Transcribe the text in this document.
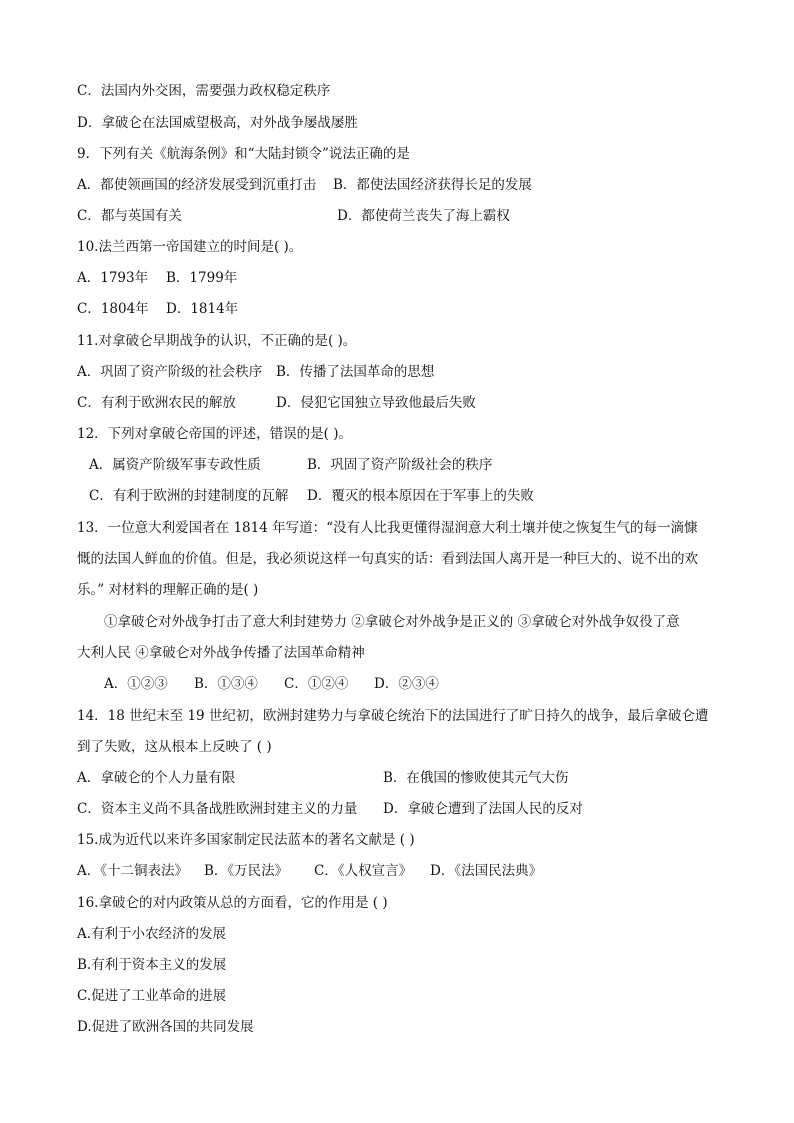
C．法国内外交困，需要强力政权稳定秩序
D．拿破仑在法国威望极高，对外战争屡战屡胜
9．下列有关《航海条例》和“大陆封锁令”说法正确的是
A．都使领画国的经济发展受到沉重打击 B．都使法国经济获得长足的发展
C．都与英国有关	D．都使荷兰丧失了海上霸权
10.法兰西第一帝国建立的时间是( )。
A．1793年 B．1799年
C．1804年 D．1814年
11.对拿破仑早期战争的认识，不正确的是( )。
A．巩固了资产阶级的社会秩序 B．传播了法国革命的思想
C．有利于欧洲农民的解放	D．侵犯它国独立导致他最后失败
12．下列对拿破仑帝国的评述，错误的是( )。
A．属资产阶级军事专政性质	B．巩固了资产阶级社会的秩序
C．有利于欧洲的封建制度的瓦解 D．覆灭的根本原因在于军事上的失败
13．一位意大利爱国者在 1814 年写道：“没有人比我更懂得湿润意大利土壤并使之恢复生气的每一滴慷
慨的法国人鲜血的价值。但是，我必须说这样一句真实的话：看到法国人离开是一种巨大的、说不出的欢
乐。” 对材料的理解正确的是( )
①拿破仑对外战争打击了意大利封建势力 ②拿破仑对外战争是正义的 ③拿破仑对外战争奴役了意
大利人民 ④拿破仑对外战争传播了法国革命精神
A．①②③ B．①③④ C．①②④ D．②③④
14．18 世纪末至 19 世纪初，欧洲封建势力与拿破仑统治下的法国进行了旷日持久的战争，最后拿破仑遭
到了失败，这从根本上反映了 ( )
A．拿破仑的个人力量有限	B．在俄国的惨败使其元气大伤
C．资本主义尚不具备战胜欧洲封建主义的力量 D．拿破仑遭到了法国人民的反对
15.成为近代以来许多国家制定民法蓝本的著名文献是 ( )
A．《十二铜表法》 B．《万民法》 C．《人权宣言》 D．《法国民法典》
16.拿破仑的对内政策从总的方面看，它的作用是 ( )
A.有利于小农经济的发展
B.有利于资本主义的发展
C.促进了工业革命的进展
D.促进了欧洲各国的共同发展
